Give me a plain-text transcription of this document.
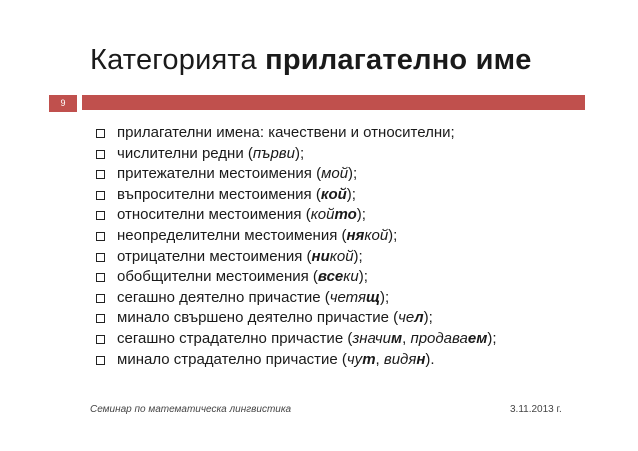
Категорията прилагателно име
9
прилагателни имена: качествени и относителни;
числителни редни (първи);
притежателни местоимения (мой);
въпросителни местоимения (кой);
относителни местоимения (който);
неопределителни местоимения (някой);
отрицателни местоимения (никой);
обобщителни местоимения (всеки);
сегашно деятелно причастие (четящ);
минало свършено деятелно причастие (чел);
сегашно страдателно причастие (значим, продаваем);
минало страдателно причастие (чут, видян).
Семинар по математическа лингвистика	3.11.2013 г.
